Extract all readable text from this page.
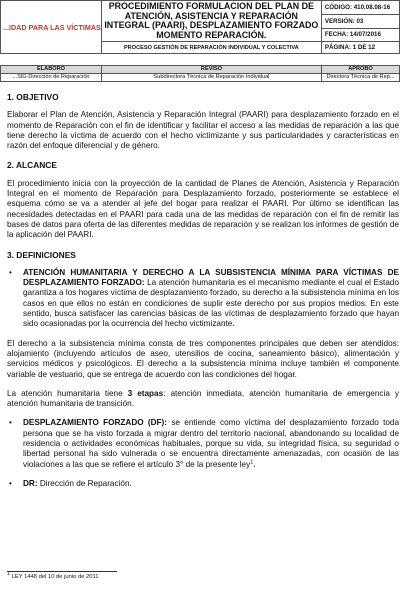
...IDAD PARA LAS VÍCTIMAS	PROCEDIMIENTO FORMULACION DEL PLAN DE ATENCIÓN, ASISTENCIA Y REPARACIÓN INTEGRAL (PAARI), DESPLAZAMIENTO FORZADO MOMENTO REPARACIÓN.	CÓDIGO: 410.08.08-16
		VERSIÓN: 03
		FECHA: 14/07/2016
	PROCESO GESTIÓN DE REPARACIÓN INDIVIDUAL Y COLECTIVA	PÁGINA: 1 DE 12
ELABORÓ	REVISÓ	APROBÓ
...SIG Dirección de Reparación	Subdirectora Técnica de Reparación Individual	Directora Técnica de Rep...
1. OBJETIVO

Elaborar el Plan de Atención, Asistencia y Reparación Integral (PAARI) para desplazamiento forzado en el momento de Reparación con el fin de identificar y facilitar el acceso a las medidas de reparación a las que tiene derecho la víctima de acuerdo con el hecho victimizante y sus particularidades y características en razón del enfoque diferencial y de género.

2. ALCANCE

El procedimiento inicia con la proyección de la cantidad de Planes de Atención, Asistencia y Reparación Integral en el momento de Reparación para Desplazamiento forzado, posteriormente se establece el esquema cómo se va a atender al jefe del hogar para realizar el PAARI. Por último se identifican las necesidades detectadas en el PAARI para cada una de las medidas de reparación con el fin de remitir las bases de datos para oferta de las diferentes medidas de reparación y se realizan los informes de gestión de la aplicación del PAARI.

3. DEFINICIONES
• ATENCIÓN HUMANITARIA Y DERECHO A LA SUBSISTENCIA MÍNIMA PARA VÍCTIMAS DE DESPLAZAMIENTO FORZADO: La atención humanitaria es el mecanismo mediante el cual el Estado garantiza a los hogares víctima de desplazamiento forzado, su derecho a la subsistencia mínima en los casos en que ellos no están en condiciones de suplir este derecho por sus propios medios. En este sentido, busca satisfacer las carencias básicas de las víctimas de desplazamiento forzado que hayan sido ocasionadas por la ocurrencia del hecho victimizante.

El derecho a la subsistencia mínima consta de tres componentes principales que deben ser atendidos: alojamiento (incluyendo artículos de aseo, utensilios de cocina, saneamiento básico), alimentación y servicios médicos y psicológicos. El derecho a la subsistencia mínima incluye también el componente variable de vestuario, que se entrega de acuerdo con las condiciones del hogar.

La atención humanitaria tiene 3 etapas: atención inmediata, atención humanitaria de emergencia y atención humanitaria de transición.

• DESPLAZAMIENTO FORZADO (DF): se entiende como víctima del desplazamiento forzado toda persona que se ha visto forzada a migrar dentro del territorio nacional, abandonando su localidad de residencia o actividades económicas habituales, porque su vida, su integridad física, su seguridad o libertad personal ha sido vulnerada o se encuentra directamente amenazadas, con ocasión de las violaciones a las que se refiere el artículo 3° de la presente ley$^1$.
• DR: Dirección de Reparación.
$^1$ LEY 1448 del 10 de junio de 2011
